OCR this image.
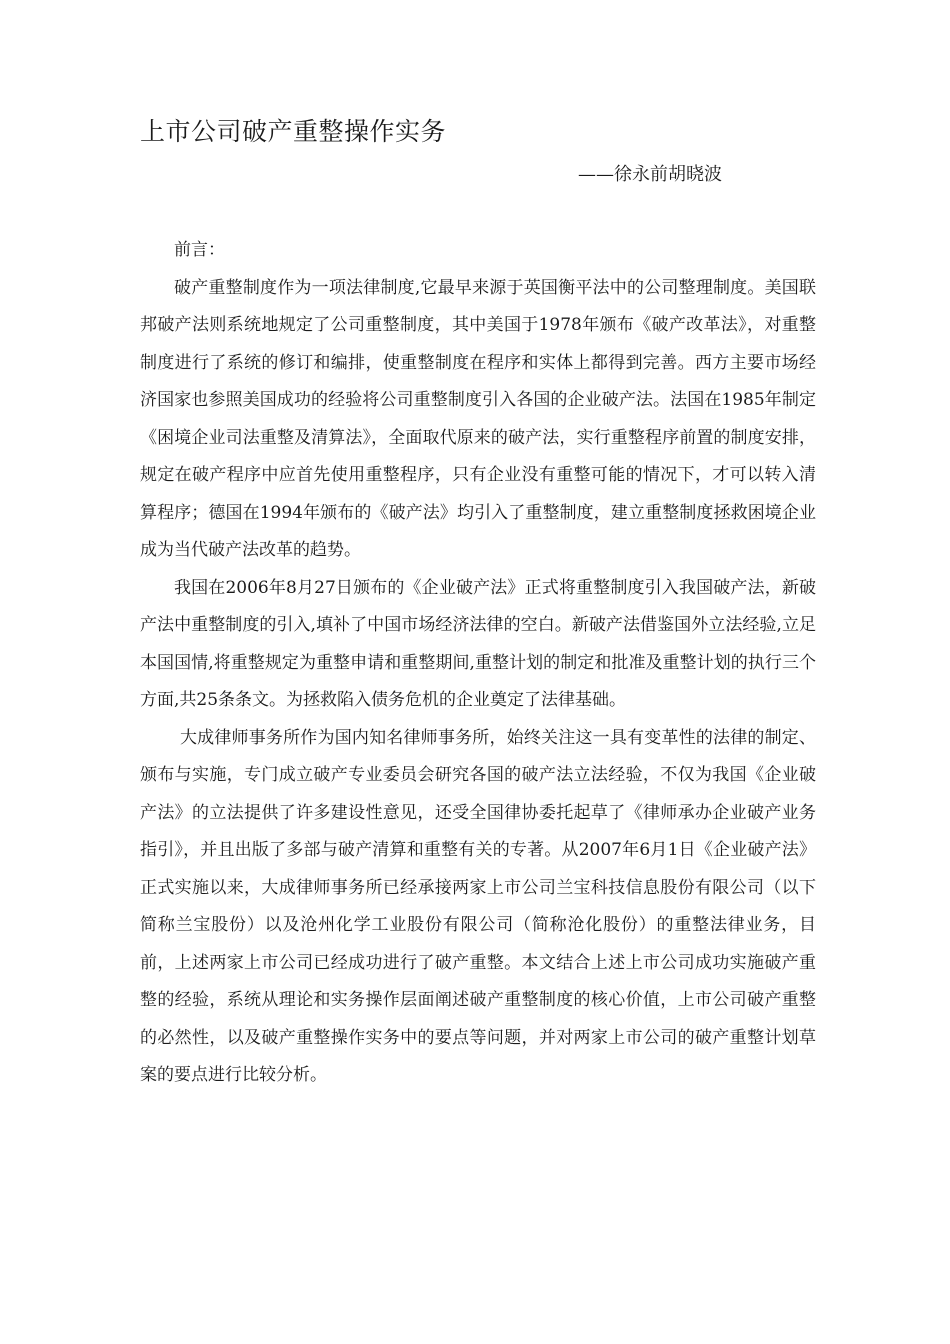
上市公司破产重整操作实务

——徐永前胡晓波

前言：

破产重整制度作为一项法律制度,它最早来源于英国衡平法中的公司整理制度。美国联邦破产法则系统地规定了公司重整制度，其中美国于1978年颁布《破产改革法》，对重整制度进行了系统的修订和编排，使重整制度在程序和实体上都得到完善。西方主要市场经济国家也参照美国成功的经验将公司重整制度引入各国的企业破产法。法国在1985年制定《困境企业司法重整及清算法》，全面取代原来的破产法，实行重整程序前置的制度安排，规定在破产程序中应首先使用重整程序，只有企业没有重整可能的情况下，才可以转入清算程序；德国在1994年颁布的《破产法》均引入了重整制度，建立重整制度拯救困境企业成为当代破产法改革的趋势。

我国在2006年8月27日颁布的《企业破产法》正式将重整制度引入我国破产法，新破产法中重整制度的引入,填补了中国市场经济法律的空白。新破产法借鉴国外立法经验,立足本国国情,将重整规定为重整申请和重整期间,重整计划的制定和批准及重整计划的执行三个方面,共25条条文。为拯救陷入债务危机的企业奠定了法律基础。

大成律师事务所作为国内知名律师事务所，始终关注这一具有变革性的法律的制定、颁布与实施，专门成立破产专业委员会研究各国的破产法立法经验，不仅为我国《企业破产法》的立法提供了许多建设性意见，还受全国律协委托起草了《律师承办企业破产业务指引》，并且出版了多部与破产清算和重整有关的专著。从2007年6月1日《企业破产法》正式实施以来，大成律师事务所已经承接两家上市公司兰宝科技信息股份有限公司（以下简称兰宝股份）以及沧州化学工业股份有限公司（简称沧化股份）的重整法律业务，目前，上述两家上市公司已经成功进行了破产重整。本文结合上述上市公司成功实施破产重整的经验，系统从理论和实务操作层面阐述破产重整制度的核心价值，上市公司破产重整的必然性，以及破产重整操作实务中的要点等问题，并对两家上市公司的破产重整计划草案的要点进行比较分析。
